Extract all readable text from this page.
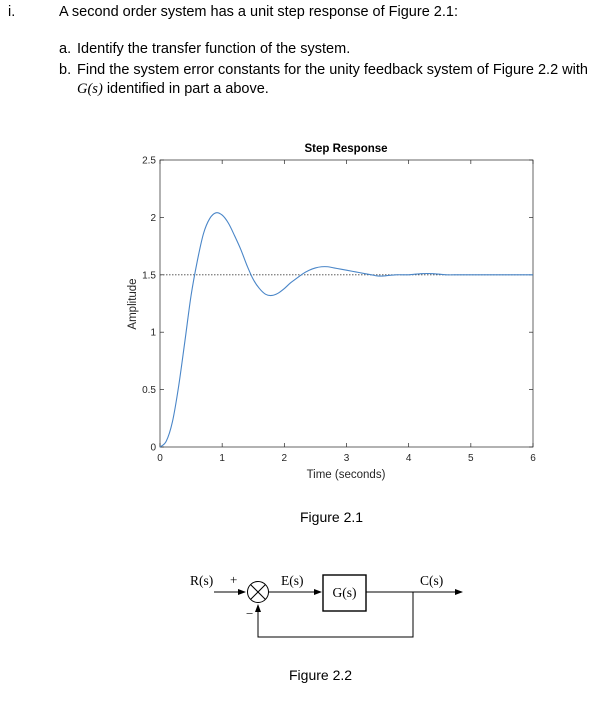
i.	A second order system has a unit step response of Figure 2.1:
a. Identify the transfer function of the system.
b. Find the system error constants for the unity feedback system of Figure 2.2 with
G(s) identified in part a above.
Step Response
0
0.5
1
1.5
2
2.5
0	1	2	3	4	5	6
Time (seconds)
Amplitude
Figure 2.1
R(s) +
−
E(s)
G(s)
C(s)
Figure 2.2
